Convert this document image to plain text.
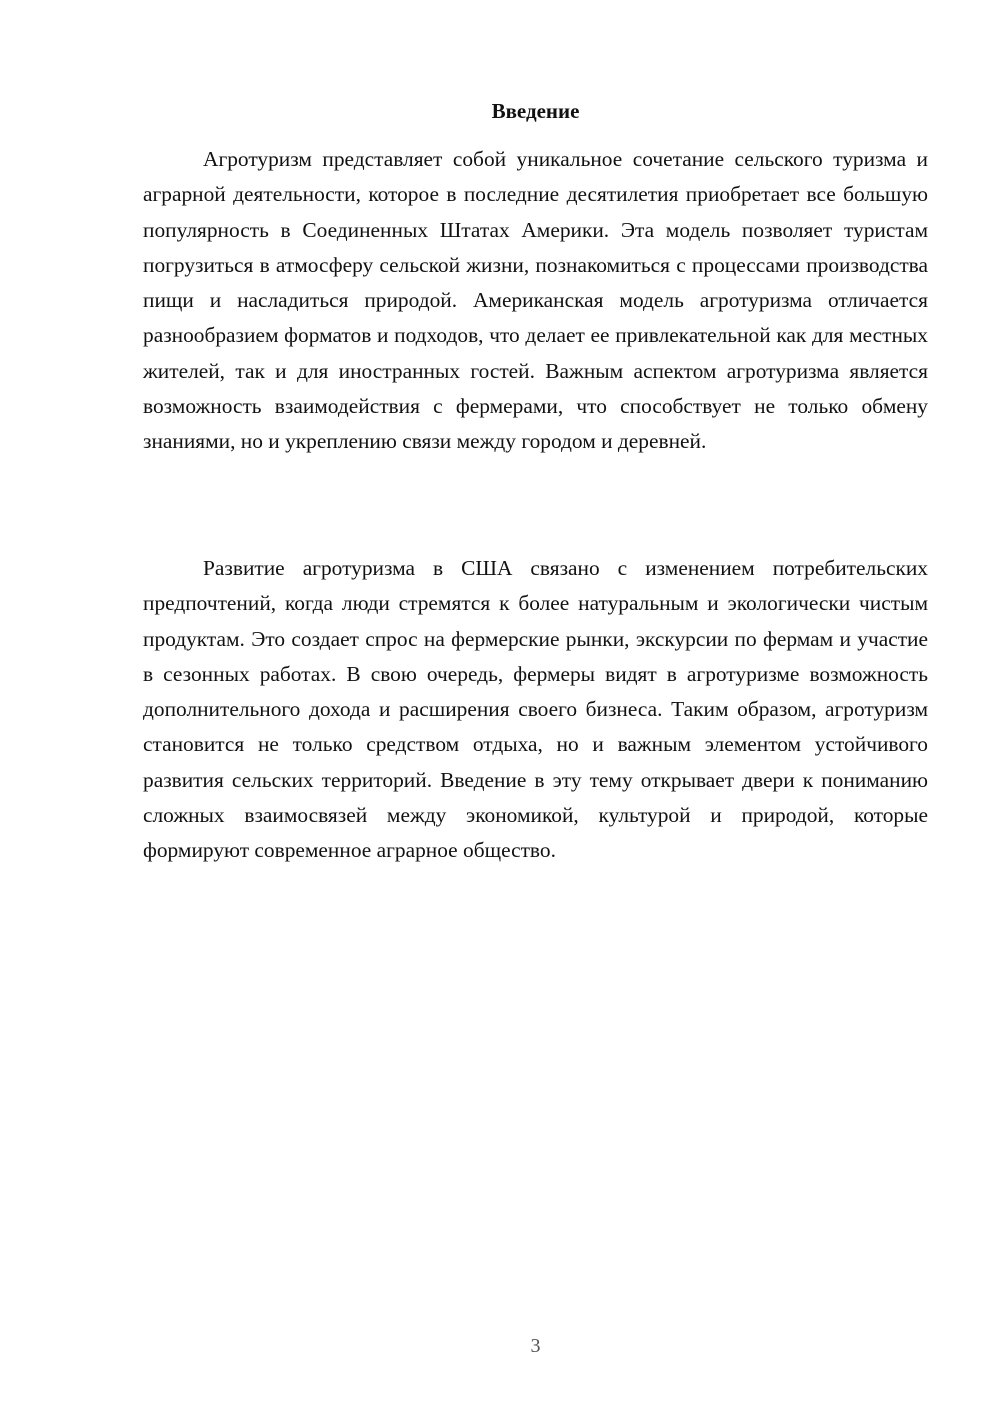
Введение

Агротуризм представляет собой уникальное сочетание сельского туризма и аграрной деятельности, которое в последние десятилетия приобретает все большую популярность в Соединенных Штатах Америки. Эта модель позволяет туристам погрузиться в атмосферу сельской жизни, познакомиться с процессами производства пищи и насладиться природой. Американская модель агротуризма отличается разнообразием форматов и подходов, что делает ее привлекательной как для местных жителей, так и для иностранных гостей. Важным аспектом агротуризма является возможность взаимодействия с фермерами, что способствует не только обмену знаниями, но и укреплению связи между городом и деревней.

Развитие агротуризма в США связано с изменением потребительских предпочтений, когда люди стремятся к более натуральным и экологически чистым продуктам. Это создает спрос на фермерские рынки, экскурсии по фермам и участие в сезонных работах. В свою очередь, фермеры видят в агротуризме возможность дополнительного дохода и расширения своего бизнеса. Таким образом, агротуризм становится не только средством отдыха, но и важным элементом устойчивого развития сельских территорий. Введение в эту тему открывает двери к пониманию сложных взаимосвязей между экономикой, культурой и природой, которые формируют современное аграрное общество.

3
